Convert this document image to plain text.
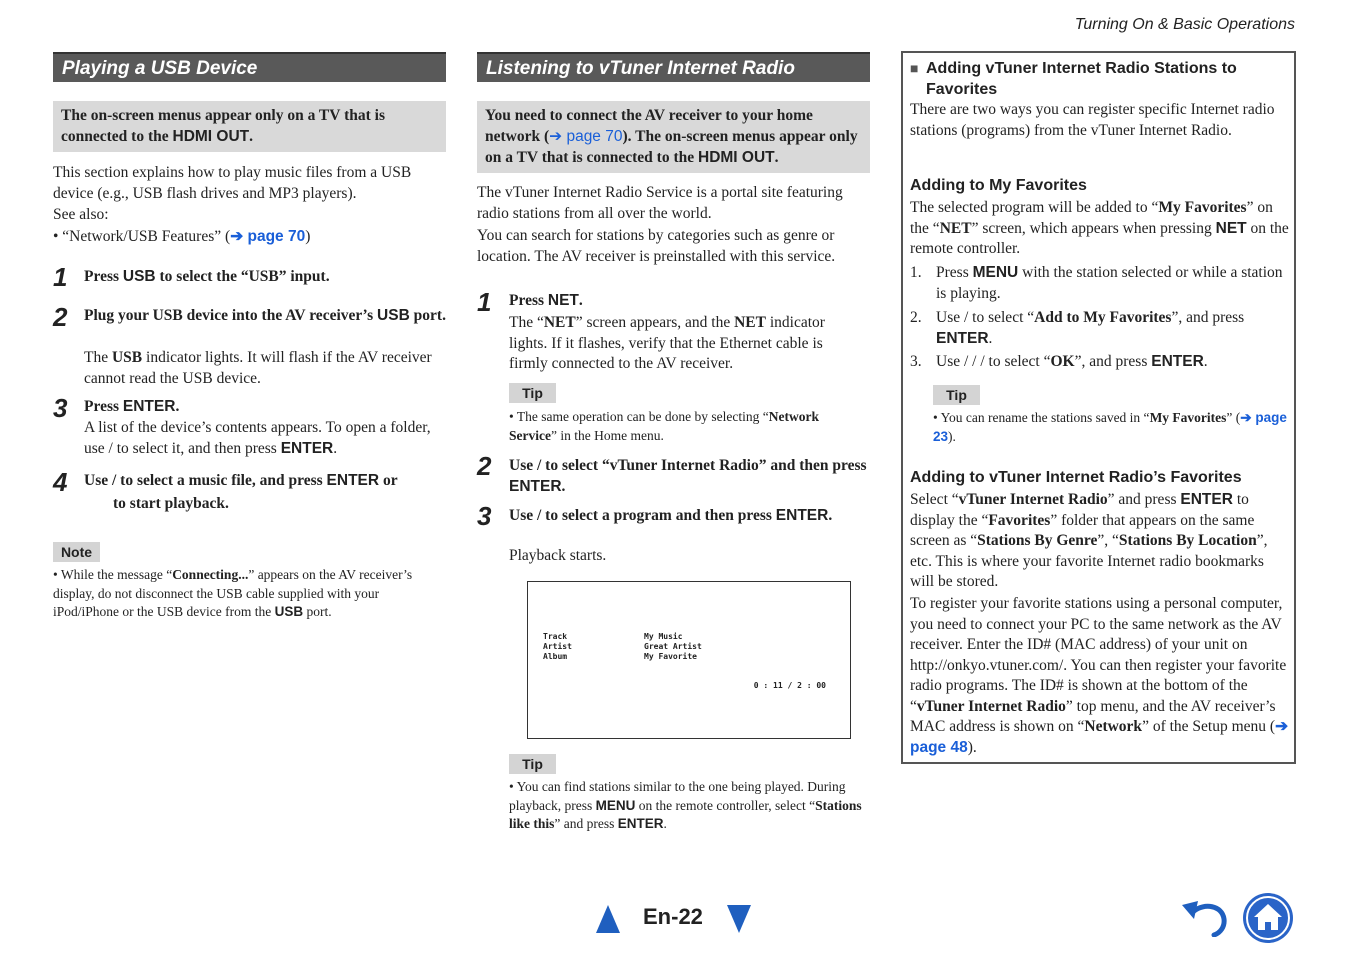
Turning On & Basic Operations
Playing a USB Device
The on-screen menus appear only on a TV that is connected to the HDMI OUT.

This section explains how to play music files from a USB device (e.g., USB flash drives and MP3 players).

See also:

• “Network/USB Features” (➔ page 70)

1 Press USB to select the “USB” input.
2 Plug your USB device into the AV receiver’s USB port.
The USB indicator lights. It will flash if the AV receiver cannot read the USB device.
3 Press ENTER.
A list of the device’s contents appears. To open a folder, use / to select it, and then press ENTER.
4 Use / to select a music file, and press ENTER or
to start playback.
Note
• While the message “Connecting...” appears on the AV receiver’s display, do not disconnect the USB cable supplied with your iPod/iPhone or the USB device from the USB port.
Listening to vTuner Internet Radio
You need to connect the AV receiver to your home network (➔ page 70). The on-screen menus appear only on a TV that is connected to the HDMI OUT.

The vTuner Internet Radio Service is a portal site featuring radio stations from all over the world.

You can search for stations by categories such as genre or location. The AV receiver is preinstalled with this service.

1 Press NET.
The “NET” screen appears, and the NET indicator lights. If it flashes, verify that the Ethernet cable is firmly connected to the AV receiver.
Tip
• The same operation can be done by selecting “Network Service” in the Home menu.
2 Use / to select “vTuner Internet Radio” and then press ENTER.
3 Use / to select a program and then press ENTER.
Playback starts.
Track
Artist
Album
My Music
Great Artist
My Favorite
0 : 11 / 2 : 00
Tip
• You can find stations similar to the one being played. During playback, press MENU on the remote controller, select “Stations like this” and press ENTER.
■ Adding vTuner Internet Radio Stations to Favorites
There are two ways you can register specific Internet radio stations (programs) from the vTuner Internet Radio.
Adding to My Favorites
The selected program will be added to “My Favorites” on the “NET” screen, which appears when pressing NET on the remote controller.
1. Press MENU with the station selected or while a station is playing.
2. Use / to select “Add to My Favorites”, and press ENTER.
3. Use / / / to select “OK”, and press ENTER.
Tip
• You can rename the stations saved in “My Favorites” (➔ page 23).
Adding to vTuner Internet Radio’s Favorites
Select “vTuner Internet Radio” and press ENTER to display the “Favorites” folder that appears on the same screen as “Stations By Genre”, “Stations By Location”, etc. This is where your favorite Internet radio bookmarks will be stored.
To register your favorite stations using a personal computer, you need to connect your PC to the same network as the AV receiver. Enter the ID# (MAC address) of your unit on http://onkyo.vtuner.com/. You can then register your favorite radio programs. The ID# is shown at the bottom of the “vTuner Internet Radio” top menu, and the AV receiver’s MAC address is shown on “Network” of the Setup menu (➔ page 48).
En-22
